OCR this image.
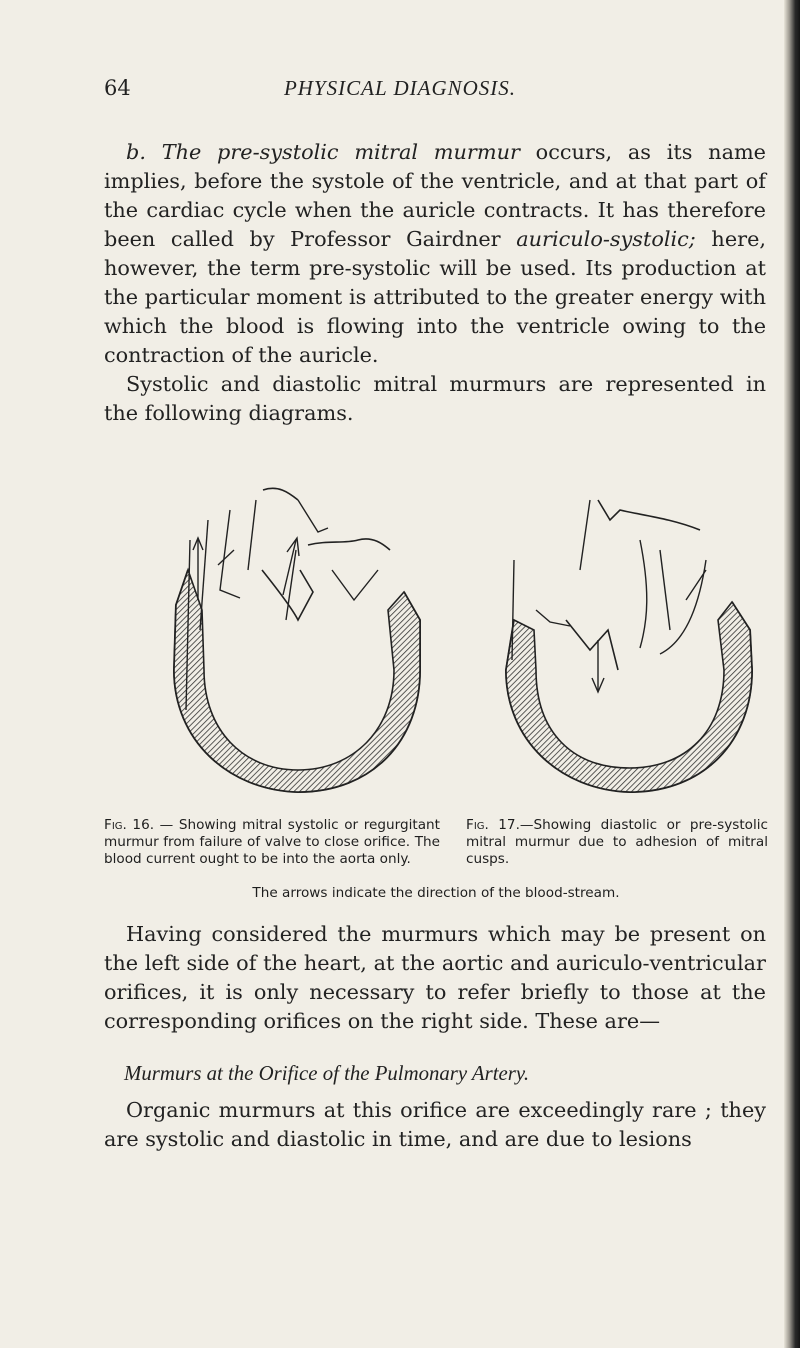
64	PHYSICAL DIAGNOSIS.

b. The pre-systolic mitral murmur occurs, as its name implies, before the systole of the ventricle, and at that part of the cardiac cycle when the auricle contracts. It has therefore been called by Professor Gairdner auriculo-systolic; here, however, the term pre-systolic will be used. Its production at the particular moment is attributed to the greater energy with which the blood is flowing into the ventricle owing to the contraction of the auricle.

Systolic and diastolic mitral murmurs are represented in the following diagrams.

Fig. 16. — Showing mitral systolic or regurgitant murmur from failure of valve to close orifice. The blood current ought to be into the aorta only.
Fig. 17.—Showing diastolic or pre-systolic mitral murmur due to adhesion of mitral cusps.
The arrows indicate the direction of the blood-stream.

Having considered the murmurs which may be present on the left side of the heart, at the aortic and auriculo-ventricular orifices, it is only necessary to refer briefly to those at the corresponding orifices on the right side. These are—

Murmurs at the Orifice of the Pulmonary Artery.

Organic murmurs at this orifice are exceedingly rare ; they are systolic and diastolic in time, and are due to lesions
